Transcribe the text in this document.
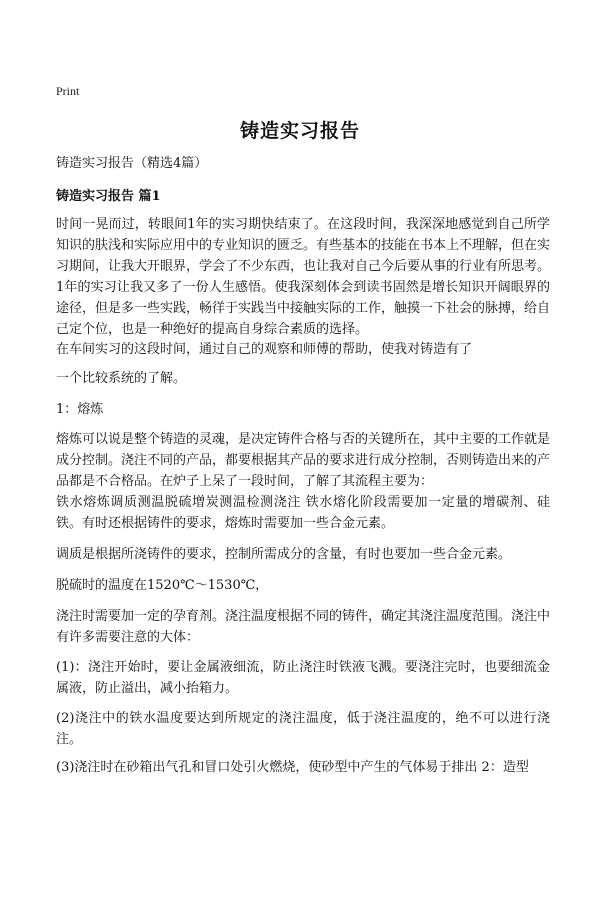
Print
铸造实习报告

铸造实习报告（精选4篇）

铸造实习报告 篇1

时间一晃而过，转眼间1年的实习期快结束了。在这段时间，我深深地感觉到自己所学知识的肤浅和实际应用中的专业知识的匮乏。有些基本的技能在书本上不理解，但在实习期间，让我大开眼界，学会了不少东西，也让我对自己今后要从事的行业有所思考。1年的实习让我又多了一份人生感悟。使我深刻体会到读书固然是增长知识开阔眼界的途径，但是多一些实践，畅徉于实践当中接触实际的工作，触摸一下社会的脉搏，给自己定个位，也是一种绝好的提高自身综合素质的选择。

在车间实习的这段时间，通过自己的观察和师傅的帮助，使我对铸造有了

一个比较系统的了解。

1：熔炼

熔炼可以说是整个铸造的灵魂，是决定铸件合格与否的关键所在，其中主要的工作就是成分控制。浇注不同的产品，都要根据其产品的要求进行成分控制，否则铸造出来的产品都是不合格品。在炉子上呆了一段时间，了解了其流程主要为：

铁水熔炼调质测温脱硫增炭测温检测浇注 铁水熔化阶段需要加一定量的增碳剂、硅铁。有时还根据铸件的要求，熔炼时需要加一些合金元素。

调质是根据所浇铸件的要求，控制所需成分的含量，有时也要加一些合金元素。

脱硫时的温度在1520℃～1530℃，

浇注时需要加一定的孕育剂。浇注温度根据不同的铸件，确定其浇注温度范围。浇注中有许多需要注意的大体：

(1)：浇注开始时，要让金属液细流，防止浇注时铁液飞溅。要浇注完时，也要细流金属液，防止溢出，减小抬箱力。

(2)浇注中的铁水温度要达到所规定的浇注温度，低于浇注温度的，绝不可以进行浇注。

(3)浇注时在砂箱出气孔和冒口处引火燃烧，使砂型中产生的气体易于排出 2：造型
